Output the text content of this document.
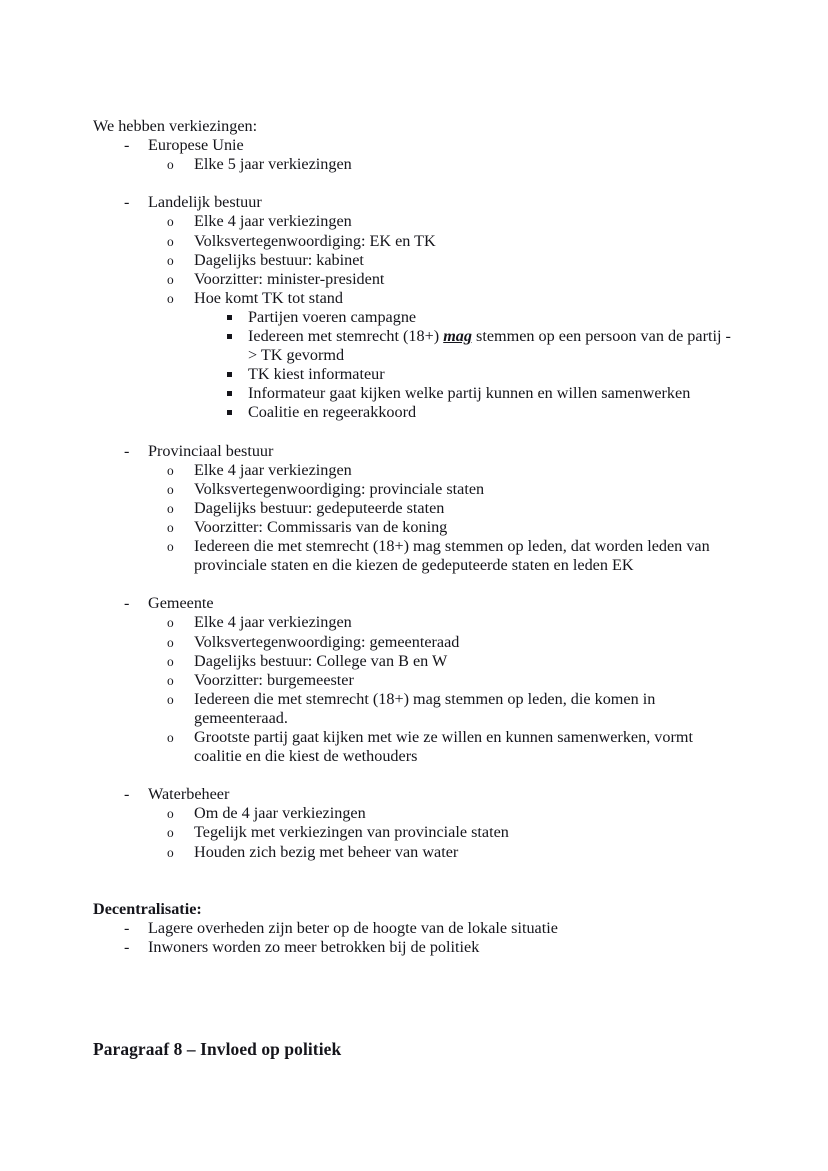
We hebben verkiezingen:
-	Europese Unie
o	Elke 5 jaar verkiezingen
-	Landelijk bestuur
o	Elke 4 jaar verkiezingen
o	Volksvertegenwoordiging: EK en TK
o	Dagelijks bestuur: kabinet
o	Voorzitter: minister-president
o	Hoe komt TK tot stand
Partijen voeren campagne
Iedereen met stemrecht (18+) mag stemmen op een persoon van de partij -> TK gevormd
TK kiest informateur
Informateur gaat kijken welke partij kunnen en willen samenwerken
Coalitie en regeerakkoord
-	Provinciaal bestuur
o	Elke 4 jaar verkiezingen
o	Volksvertegenwoordiging: provinciale staten
o	Dagelijks bestuur: gedeputeerde staten
o	Voorzitter: Commissaris van de koning
o	Iedereen die met stemrecht (18+) mag stemmen op leden, dat worden leden van provinciale staten en die kiezen de gedeputeerde staten en leden EK
-	Gemeente
o	Elke 4 jaar verkiezingen
o	Volksvertegenwoordiging: gemeenteraad
o	Dagelijks bestuur: College van B en W
o	Voorzitter: burgemeester
o	Iedereen die met stemrecht (18+) mag stemmen op leden, die komen in gemeenteraad.
o	Grootste partij gaat kijken met wie ze willen en kunnen samenwerken, vormt coalitie en die kiest de wethouders
-	Waterbeheer
o	Om de 4 jaar verkiezingen
o	Tegelijk met verkiezingen van provinciale staten
o	Houden zich bezig met beheer van water
Decentralisatie:
-	Lagere overheden zijn beter op de hoogte van de lokale situatie
-	Inwoners worden zo meer betrokken bij de politiek
Paragraaf 8 – Invloed op politiek
